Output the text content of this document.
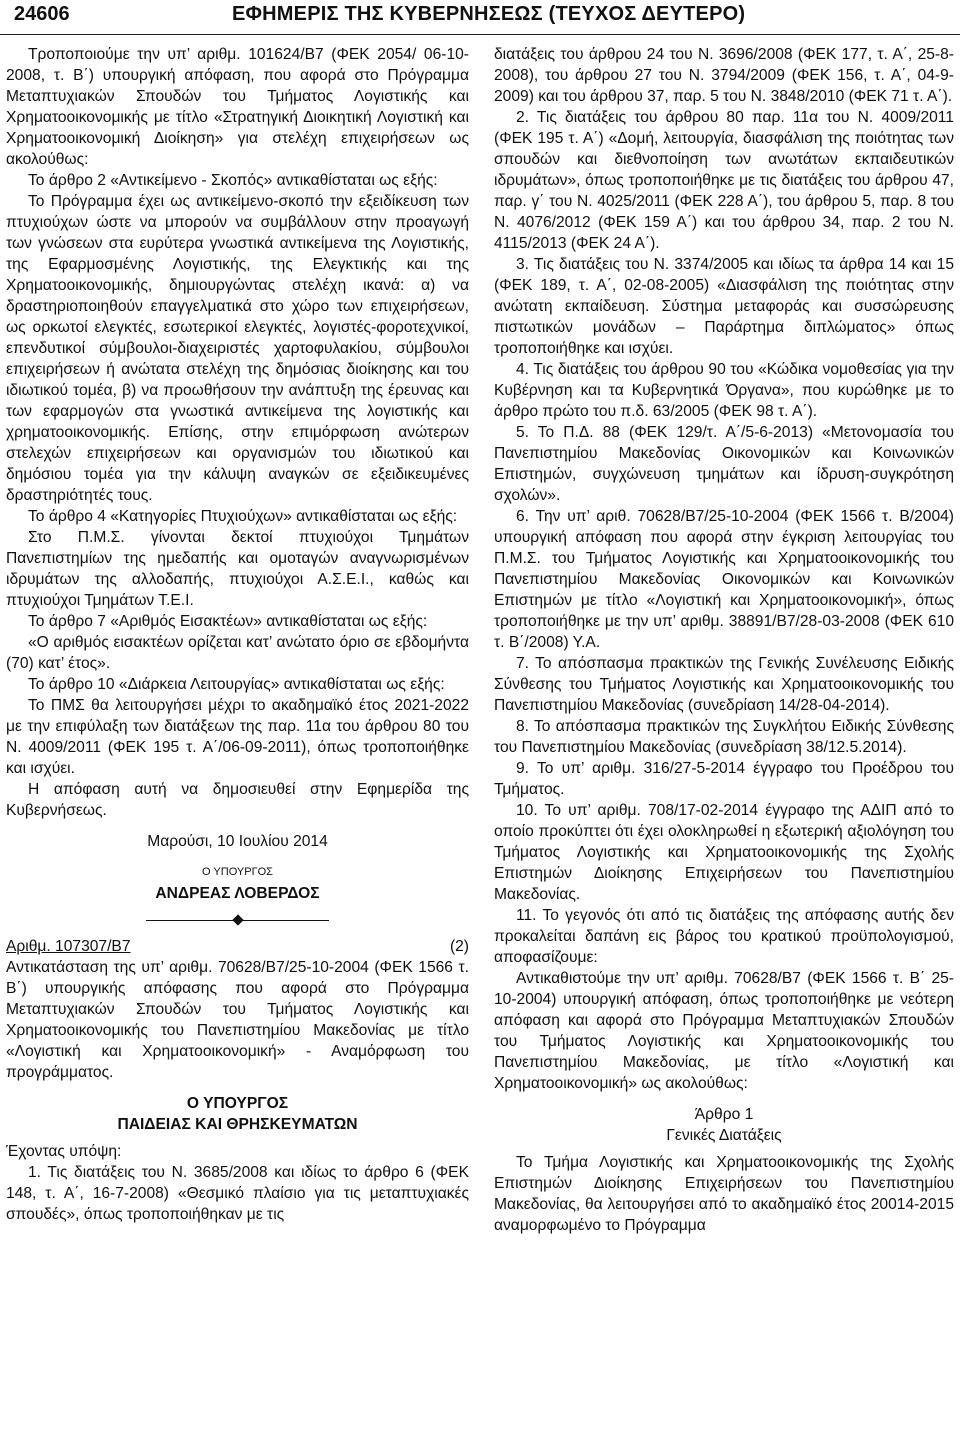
24606	ΕΦΗΜΕΡΙΣ ΤΗΣ ΚΥΒΕΡΝΗΣΕΩΣ (ΤΕΥΧΟΣ ΔΕΥΤΕΡΟ)

Τροποποιούμε την υπ’ αριθμ. 101624/Β7 (ΦΕΚ 2054/ 06-10-2008, τ. Β΄) υπουργική απόφαση, που αφορά στο Πρόγραμμα Μεταπτυχιακών Σπουδών του Τμήματος Λογιστικής και Χρηματοοικονομικής με τίτλο «Στρατηγική Διοικητική Λογιστική και Χρηματοοικονομική Διοίκηση» για στελέχη επιχειρήσεων ως ακολούθως:

Το άρθρο 2 «Αντικείμενο - Σκοπός» αντικαθίσταται ως εξής:

Το Πρόγραμμα έχει ως αντικείμενο-σκοπό την εξειδίκευση των πτυχιούχων ώστε να μπορούν να συμβάλλουν στην προαγωγή των γνώσεων στα ευρύτερα γνωστικά αντικείμενα της Λογιστικής, της Εφαρμοσμένης Λογιστικής, της Ελεγκτικής και της Χρηματοοικονομικής, δημιουργώντας στελέχη ικανά: α) να δραστηριοποιηθούν επαγγελματικά στο χώρο των επιχειρήσεων, ως ορκωτοί ελεγκτές, εσωτερικοί ελεγκτές, λογιστές-φοροτεχνικοί, επενδυτικοί σύμβουλοι-διαχειριστές χαρτοφυλακίου, σύμβουλοι επιχειρήσεων ή ανώτατα στελέχη της δημόσιας διοίκησης και του ιδιωτικού τομέα, β) να προωθήσουν την ανάπτυξη της έρευνας και των εφαρμογών στα γνωστικά αντικείμενα της λογιστικής και χρηματοοικονομικής. Επίσης, στην επιμόρφωση ανώτερων στελεχών επιχειρήσεων και οργανισμών του ιδιωτικού και δημόσιου τομέα για την κάλυψη αναγκών σε εξειδικευμένες δραστηριότητές τους.

Το άρθρο 4 «Κατηγορίες Πτυχιούχων» αντικαθίσταται ως εξής:

Στο Π.Μ.Σ. γίνονται δεκτοί πτυχιούχοι Τμημάτων Πανεπιστημίων της ημεδαπής και ομοταγών αναγνωρισμένων ιδρυμάτων της αλλοδαπής, πτυχιούχοι Α.Σ.Ε.Ι., καθώς και πτυχιούχοι Τμημάτων Τ.Ε.Ι.

Το άρθρο 7 «Αριθμός Εισακτέων» αντικαθίσταται ως εξής:

«Ο αριθμός εισακτέων ορίζεται κατ’ ανώτατο όριο σε εβδομήντα (70) κατ’ έτος».

Το άρθρο 10 «Διάρκεια Λειτουργίας» αντικαθίσταται ως εξής:

Το ΠΜΣ θα λειτουργήσει μέχρι το ακαδημαϊκό έτος 2021-2022 με την επιφύλαξη των διατάξεων της παρ. 11α του άρθρου 80 του Ν. 4009/2011 (ΦΕΚ 195 τ. Α΄/06-09-2011), όπως τροποποιήθηκε και ισχύει.

Η απόφαση αυτή να δημοσιευθεί στην Εφημερίδα της Κυβερνήσεως.

Μαρούσι, 10 Ιουλίου 2014

Ο ΥΠΟΥΡΓΟΣ

ΑΝΔΡΕΑΣ ΛΟΒΕΡΔΟΣ

Αριθμ. 107307/Β7	(2)

Αντικατάσταση της υπ’ αριθμ. 70628/Β7/25-10-2004 (ΦΕΚ 1566 τ. Β΄) υπουργικής απόφασης που αφορά στο Πρόγραμμα Μεταπτυχιακών Σπουδών του Τμήματος Λογιστικής και Χρηματοοικονομικής του Πανεπιστημίου Μακεδονίας με τίτλο «Λογιστική και Χρηματοοικονομική» - Αναμόρφωση του προγράμματος.

Ο ΥΠΟΥΡΓΟΣ

ΠΑΙΔΕΙΑΣ ΚΑΙ ΘΡΗΣΚΕΥΜΑΤΩΝ

Έχοντας υπόψη:

1. Τις διατάξεις του Ν. 3685/2008 και ιδίως το άρθρο 6 (ΦΕΚ 148, τ. Α΄, 16-7-2008) «Θεσμικό πλαίσιο για τις μεταπτυχιακές σπουδές», όπως τροποποιήθηκαν με τις

διατάξεις του άρθρου 24 του Ν. 3696/2008 (ΦΕΚ 177, τ. Α΄, 25-8-2008), του άρθρου 27 του Ν. 3794/2009 (ΦΕΚ 156, τ. Α΄, 04-9-2009) και του άρθρου 37, παρ. 5 του Ν. 3848/2010 (ΦΕΚ 71 τ. Α΄).

2. Τις διατάξεις του άρθρου 80 παρ. 11α του Ν. 4009/2011 (ΦΕΚ 195 τ. Α΄) «Δομή, λειτουργία, διασφάλιση της ποιότητας των σπουδών και διεθνοποίηση των ανωτάτων εκπαιδευτικών ιδρυμάτων», όπως τροποποιήθηκε με τις διατάξεις του άρθρου 47, παρ. γ΄ του Ν. 4025/2011 (ΦΕΚ 228 Α΄), του άρθρου 5, παρ. 8 του Ν. 4076/2012 (ΦΕΚ 159 Α΄) και του άρθρου 34, παρ. 2 του Ν. 4115/2013 (ΦΕΚ 24 Α΄).

3. Τις διατάξεις του Ν. 3374/2005 και ιδίως τα άρθρα 14 και 15 (ΦΕΚ 189, τ. Α΄, 02-08-2005) «Διασφάλιση της ποιότητας στην ανώτατη εκπαίδευση. Σύστημα μεταφοράς και συσσώρευσης πιστωτικών μονάδων – Παράρτημα διπλώματος» όπως τροποποιήθηκε και ισχύει.

4. Τις διατάξεις του άρθρου 90 του «Κώδικα νομοθεσίας για την Κυβέρνηση και τα Κυβερνητικά Όργανα», που κυρώθηκε με το άρθρο πρώτο του π.δ. 63/2005 (ΦΕΚ 98 τ. Α΄).

5. Το Π.Δ. 88 (ΦΕΚ 129/τ. Α΄/5-6-2013) «Μετονομασία του Πανεπιστημίου Μακεδονίας Οικονομικών και Κοινωνικών Επιστημών, συγχώνευση τμημάτων και ίδρυση-συγκρότηση σχολών».

6. Την υπ’ αριθ. 70628/Β7/25-10-2004 (ΦΕΚ 1566 τ. Β/2004) υπουργική απόφαση που αφορά στην έγκριση λειτουργίας του Π.Μ.Σ. του Τμήματος Λογιστικής και Χρηματοοικονομικής του Πανεπιστημίου Μακεδονίας Οικονομικών και Κοινωνικών Επιστημών με τίτλο «Λογιστική και Χρηματοοικονομική», όπως τροποποιήθηκε με την υπ’ αριθμ. 38891/Β7/28-03-2008 (ΦΕΚ 610 τ. Β΄/2008) Υ.Α.

7. Το απόσπασμα πρακτικών της Γενικής Συνέλευσης Ειδικής Σύνθεσης του Τμήματος Λογιστικής και Χρηματοοικονομικής του Πανεπιστημίου Μακεδονίας (συνεδρίαση 14/28-04-2014).

8. Το απόσπασμα πρακτικών της Συγκλήτου Ειδικής Σύνθεσης του Πανεπιστημίου Μακεδονίας (συνεδρίαση 38/12.5.2014).

9. Το υπ’ αριθμ. 316/27-5-2014 έγγραφο του Προέδρου του Τμήματος.

10. Το υπ’ αριθμ. 708/17-02-2014 έγγραφο της ΑΔΙΠ από το οποίο προκύπτει ότι έχει ολοκληρωθεί η εξωτερική αξιολόγηση του Τμήματος Λογιστικής και Χρηματοοικονομικής της Σχολής Επιστημών Διοίκησης Επιχειρήσεων του Πανεπιστημίου Μακεδονίας.

11. Το γεγονός ότι από τις διατάξεις της απόφασης αυτής δεν προκαλείται δαπάνη εις βάρος του κρατικού προϋπολογισμού, αποφασίζουμε:

Αντικαθιστούμε την υπ’ αριθμ. 70628/Β7 (ΦΕΚ 1566 τ. Β΄ 25-10-2004) υπουργική απόφαση, όπως τροποποιήθηκε με νεότερη απόφαση και αφορά στο Πρόγραμμα Μεταπτυχιακών Σπουδών του Τμήματος Λογιστικής και Χρηματοοικονομικής του Πανεπιστημίου Μακεδονίας, με τίτλο «Λογιστική και Χρηματοοικονομική» ως ακολούθως:

Άρθρο 1

Γενικές Διατάξεις

Το Τμήμα Λογιστικής και Χρηματοοικονομικής της Σχολής Επιστημών Διοίκησης Επιχειρήσεων του Πανεπιστημίου Μακεδονίας, θα λειτουργήσει από το ακαδημαϊκό έτος 20014-2015 αναμορφωμένο το Πρόγραμμα
